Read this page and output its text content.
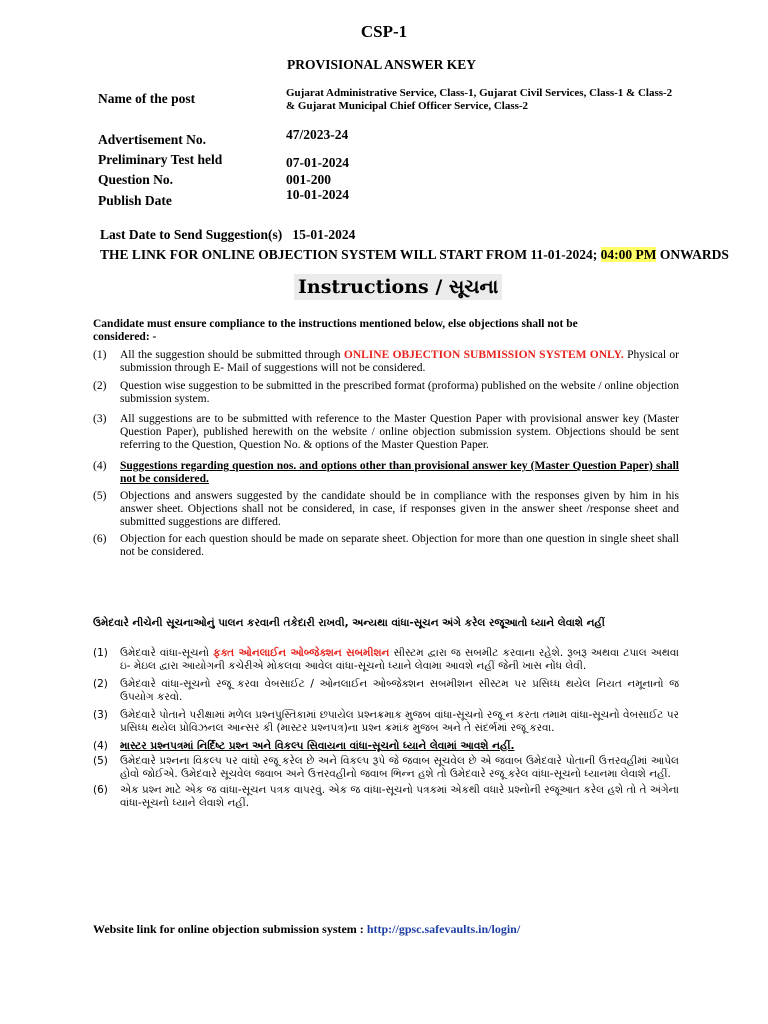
CSP-1
PROVISIONAL ANSWER KEY
Name of the post	Gujarat Administrative Service, Class-1, Gujarat Civil Services, Class-1 & Class-2 & Gujarat Municipal Chief Officer Service, Class-2
Advertisement No.	47/2023-24
Preliminary Test held	07-01-2024
Question No.	001-200
Publish Date	10-01-2024
Last Date to Send Suggestion(s)   15-01-2024
THE LINK FOR ONLINE OBJECTION SYSTEM WILL START FROM 11-01-2024; 04:00 PM ONWARDS
Instructions / સૂચના
Candidate must ensure compliance to the instructions mentioned below, else objections shall not be considered: -
(1) All the suggestion should be submitted through ONLINE OBJECTION SUBMISSION SYSTEM ONLY. Physical or submission through E- Mail of suggestions will not be considered.
(2) Question wise suggestion to be submitted in the prescribed format (proforma) published on the website / online objection submission system.
(3) All suggestions are to be submitted with reference to the Master Question Paper with provisional answer key (Master Question Paper), published herewith on the website / online objection submission system. Objections should be sent referring to the Question, Question No. & options of the Master Question Paper.
(4) Suggestions regarding question nos. and options other than provisional answer key (Master Question Paper) shall not be considered.
(5) Objections and answers suggested by the candidate should be in compliance with the responses given by him in his answer sheet. Objections shall not be considered, in case, if responses given in the answer sheet /response sheet and submitted suggestions are differed.
(6) Objection for each question should be made on separate sheet. Objection for more than one question in single sheet shall not be considered.
ઉમેદવારે નીચેની સૂચનાઓનું પાલન કરવાની તકેદારી રાખવી, અન્યથા વાંધા-સૂચન અંગે કરેલ રજૂઆતો ધ્યાને લેવાશે નહીં
(1) ઉમેદવારે વાંધા-સૂચનો ફક્ત ઓનલાઈન ઓબ્જેક્શન સબમીશન સીસ્ટમ દ્વારા જ સબમીટ કરવાના રહેશે. રૂબરૂ અથવા ટપાલ અથવા ઇ- મેઇલ દ્વારા આયોગની કચેરીએ મોકલવા આવેલ વાંધા-સૂચનો ધ્યાને લેવામા આવશે નહીં જેની ખાસ નોંધ લેવી.
(2) ઉમેદવારે વાંધા-સૂચનો રજૂ કરવા વેબસાઈટ / ઓનલાઈન ઓબ્જેક્શન સબમીશન સીસ્ટમ પર પ્રસિધ્ધ થયેલ નિયત નમૂનાનો જ ઉપયોગ કરવો.
(3) ઉમેદવારે પોતાને પરીક્ષામાં મળેલ પ્રશ્નપુસ્તિકામાં છપાયેલ પ્રશ્નક્રમાક મુજબ વાંધા-સૂચનો રજૂ ન કરતા તમામ વાંધા-સૂચનો વેબસાઈટ પર પ્રસિધ્ધ થયેલ પ્રોવિઝનલ આન્સર કી (માસ્ટર પ્રશ્નપત્ર)ના પ્રશ્ન ક્રમાંક મુજબ અને તે સંદર્ભમાં રજૂ કરવા.
(4) માસ્ટર પ્રશ્નપત્રમાં નિર્દિષ્ટ પ્રશ્ન અને વિકલ્પ સિવાયના વાંધા-સૂચનો ધ્યાને લેવામાં આવશે નહીં.
(5) ઉમેદવારે પ્રશ્નના વિકલ્પ પર વાંધો રજૂ કરેલ છે અને વિકલ્પ રૂપે જે જવાબ સૂચવેલ છે એ જવાબ ઉમેદવારે પોતાની ઉત્તરવહીમાં આપેલ હોવો જોઈએ. ઉમેદવારે સૂચવેલ જવાબ અને ઉત્તરવહીનો જવાબ ભિન્ન હશે તો ઉમેદવારે રજૂ કરેલ વાંધા-સૂચનો ધ્યાનમા લેવાશે નહીં.
(6) એક પ્રશ્ન માટે એક જ વાંધા-સૂચન પત્રક વાપરવું. એક જ વાંધા-સૂચનો પત્રકમાં એકથી વધારે પ્રશ્નોની રજૂઆત કરેલ હશે તો તે અંગેના વાંધા-સૂચનો ધ્યાને લેવાશે નહીં.
Website link for online objection submission system : http://gpsc.safevaults.in/login/
